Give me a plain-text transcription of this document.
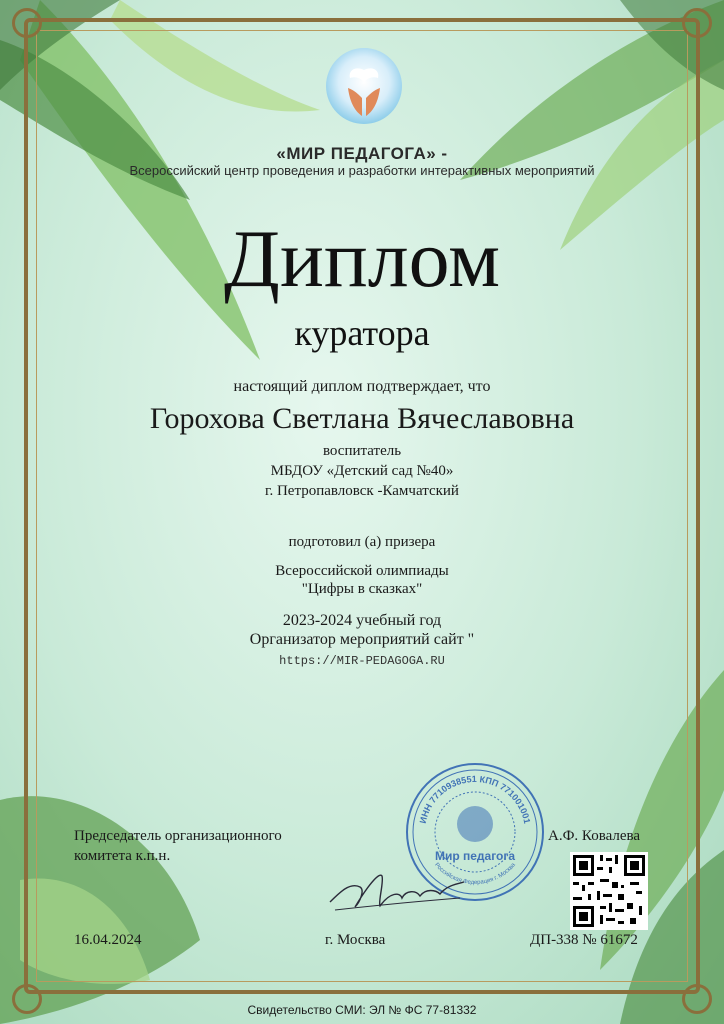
«МИР ПЕДАГОГА» -
Всероссийский центр проведения и разработки интерактивных мероприятий
Диплом
куратора
настоящий диплом подтверждает, что
Горохова Светлана Вячеславовна
воспитатель
МБДОУ «Детский сад №40»
г. Петропавловск -Камчатский
подготовил (а) призера
Всероссийской олимпиады
"Цифры в сказках"
2023-2024 учебный год
Организатор мероприятий сайт "
https://MIR-PEDAGOGA.RU
ИНН 7710938551 КПП 771001001
Мир педагога
Российская Федерация г. Москва
Председатель организационного
комитета к.п.н.
А.Ф. Ковалева
16.04.2024	г. Москва	ДП-338 № 61672
Свидетельство СМИ: ЭЛ № ФС 77-81332
